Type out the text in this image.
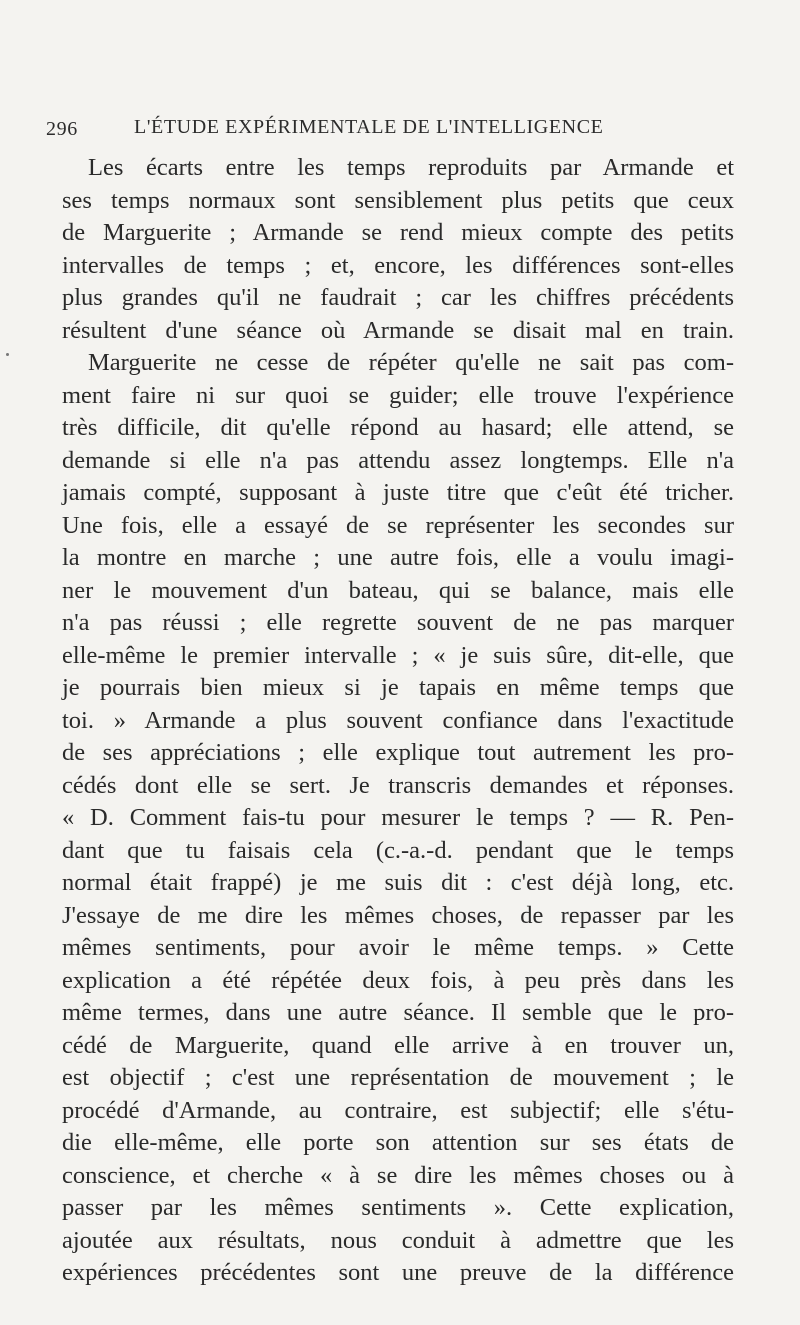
296	L'ÉTUDE EXPÉRIMENTALE DE L'INTELLIGENCE
Les écarts entre les temps reproduits par Armande et
ses temps normaux sont sensiblement plus petits que ceux
de Marguerite ; Armande se rend mieux compte des petits
intervalles de temps ; et, encore, les différences sont-elles
plus grandes qu'il ne faudrait ; car les chiffres précédents
résultent d'une séance où Armande se disait mal en train.
Marguerite ne cesse de répéter qu'elle ne sait pas com-
ment faire ni sur quoi se guider; elle trouve l'expérience
très difficile, dit qu'elle répond au hasard; elle attend, se
demande si elle n'a pas attendu assez longtemps. Elle n'a
jamais compté, supposant à juste titre que c'eût été tricher.
Une fois, elle a essayé de se représenter les secondes sur
la montre en marche ; une autre fois, elle a voulu imagi-
ner le mouvement d'un bateau, qui se balance, mais elle
n'a pas réussi ; elle regrette souvent de ne pas marquer
elle-même le premier intervalle ; « je suis sûre, dit-elle, que
je pourrais bien mieux si je tapais en même temps que
toi. » Armande a plus souvent confiance dans l'exactitude
de ses appréciations ; elle explique tout autrement les pro-
cédés dont elle se sert. Je transcris demandes et réponses.
« D. Comment fais-tu pour mesurer le temps ? — R. Pen-
dant que tu faisais cela (c.-a.-d. pendant que le temps
normal était frappé) je me suis dit : c'est déjà long, etc.
J'essaye de me dire les mêmes choses, de repasser par les
mêmes sentiments, pour avoir le même temps. » Cette
explication a été répétée deux fois, à peu près dans les
même termes, dans une autre séance. Il semble que le pro-
cédé de Marguerite, quand elle arrive à en trouver un,
est objectif ; c'est une représentation de mouvement ; le
procédé d'Armande, au contraire, est subjectif; elle s'étu-
die elle-même, elle porte son attention sur ses états de
conscience, et cherche « à se dire les mêmes choses ou à
passer par les mêmes sentiments ». Cette explication,
ajoutée aux résultats, nous conduit à admettre que les
expériences précédentes sont une preuve de la différence
